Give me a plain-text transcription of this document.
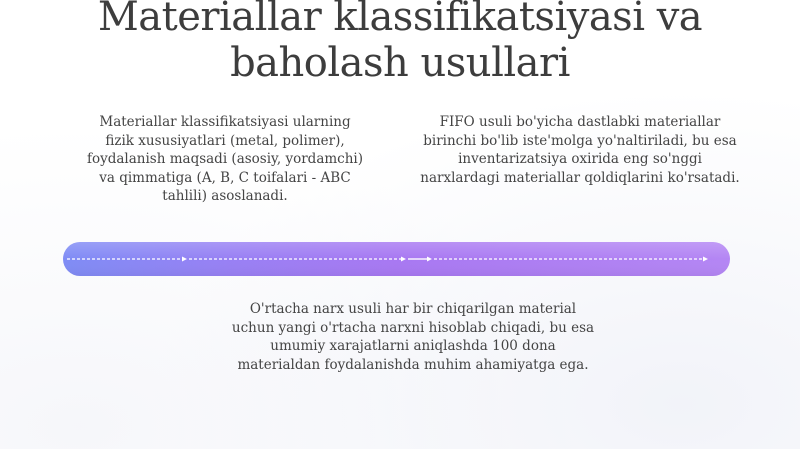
Materiallar klassifikatsiyasi va baholash usullari

Materiallar klassifikatsiyasi ularning fizik xususiyatlari (metal, polimer), foydalanish maqsadi (asosiy, yordamchi) va qimmatiga (A, B, C toifalari - ABC tahlili) asoslanadi.

FIFO usuli bo'yicha dastlabki materiallar birinchi bo'lib iste'molga yo'naltiriladi, bu esa inventarizatsiya oxirida eng so'nggi narxlardagi materiallar qoldiqlarini ko'rsatadi.

O'rtacha narx usuli har bir chiqarilgan material uchun yangi o'rtacha narxni hisoblab chiqadi, bu esa umumiy xarajatlarni aniqlashda 100 dona materialdan foydalanishda muhim ahamiyatga ega.
